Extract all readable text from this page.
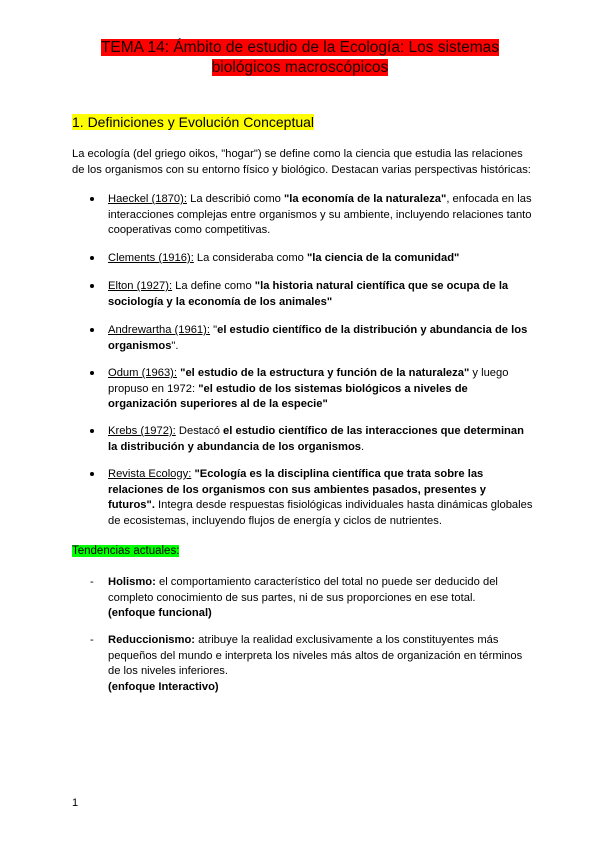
TEMA 14: Ámbito de estudio de la Ecología: Los sistemas biológicos macroscópicos
1. Definiciones y Evolución Conceptual
La ecología (del griego oikos, "hogar") se define como la ciencia que estudia las relaciones de los organismos con su entorno físico y biológico. Destacan varias perspectivas históricas:
Haeckel (1870): La describió como "la economía de la naturaleza", enfocada en las interacciones complejas entre organismos y su ambiente, incluyendo relaciones tanto cooperativas como competitivas.
Clements (1916): La consideraba como "la ciencia de la comunidad"
Elton (1927): La define como "la historia natural científica que se ocupa de la sociología y la economía de los animales"
Andrewartha (1961): "el estudio científico de la distribución y abundancia de los organismos".
Odum (1963): "el estudio de la estructura y función de la naturaleza" y luego propuso en 1972: "el estudio de los sistemas biológicos a niveles de organización superiores al de la especie"
Krebs (1972): Destacó el estudio científico de las interacciones que determinan la distribución y abundancia de los organismos.
Revista Ecology: "Ecología es la disciplina científica que trata sobre las relaciones de los organismos con sus ambientes pasados, presentes y futuros". Integra desde respuestas fisiológicas individuales hasta dinámicas globales de ecosistemas, incluyendo flujos de energía y ciclos de nutrientes.
Tendencias actuales:
- Holismo: el comportamiento característico del total no puede ser deducido del completo conocimiento de sus partes, ni de sus proporciones en ese total.
(enfoque funcional)
- Reduccionismo: atribuye la realidad exclusivamente a los constituyentes más pequeños del mundo e interpreta los niveles más altos de organización en términos de los niveles inferiores.
(enfoque Interactivo)
1
